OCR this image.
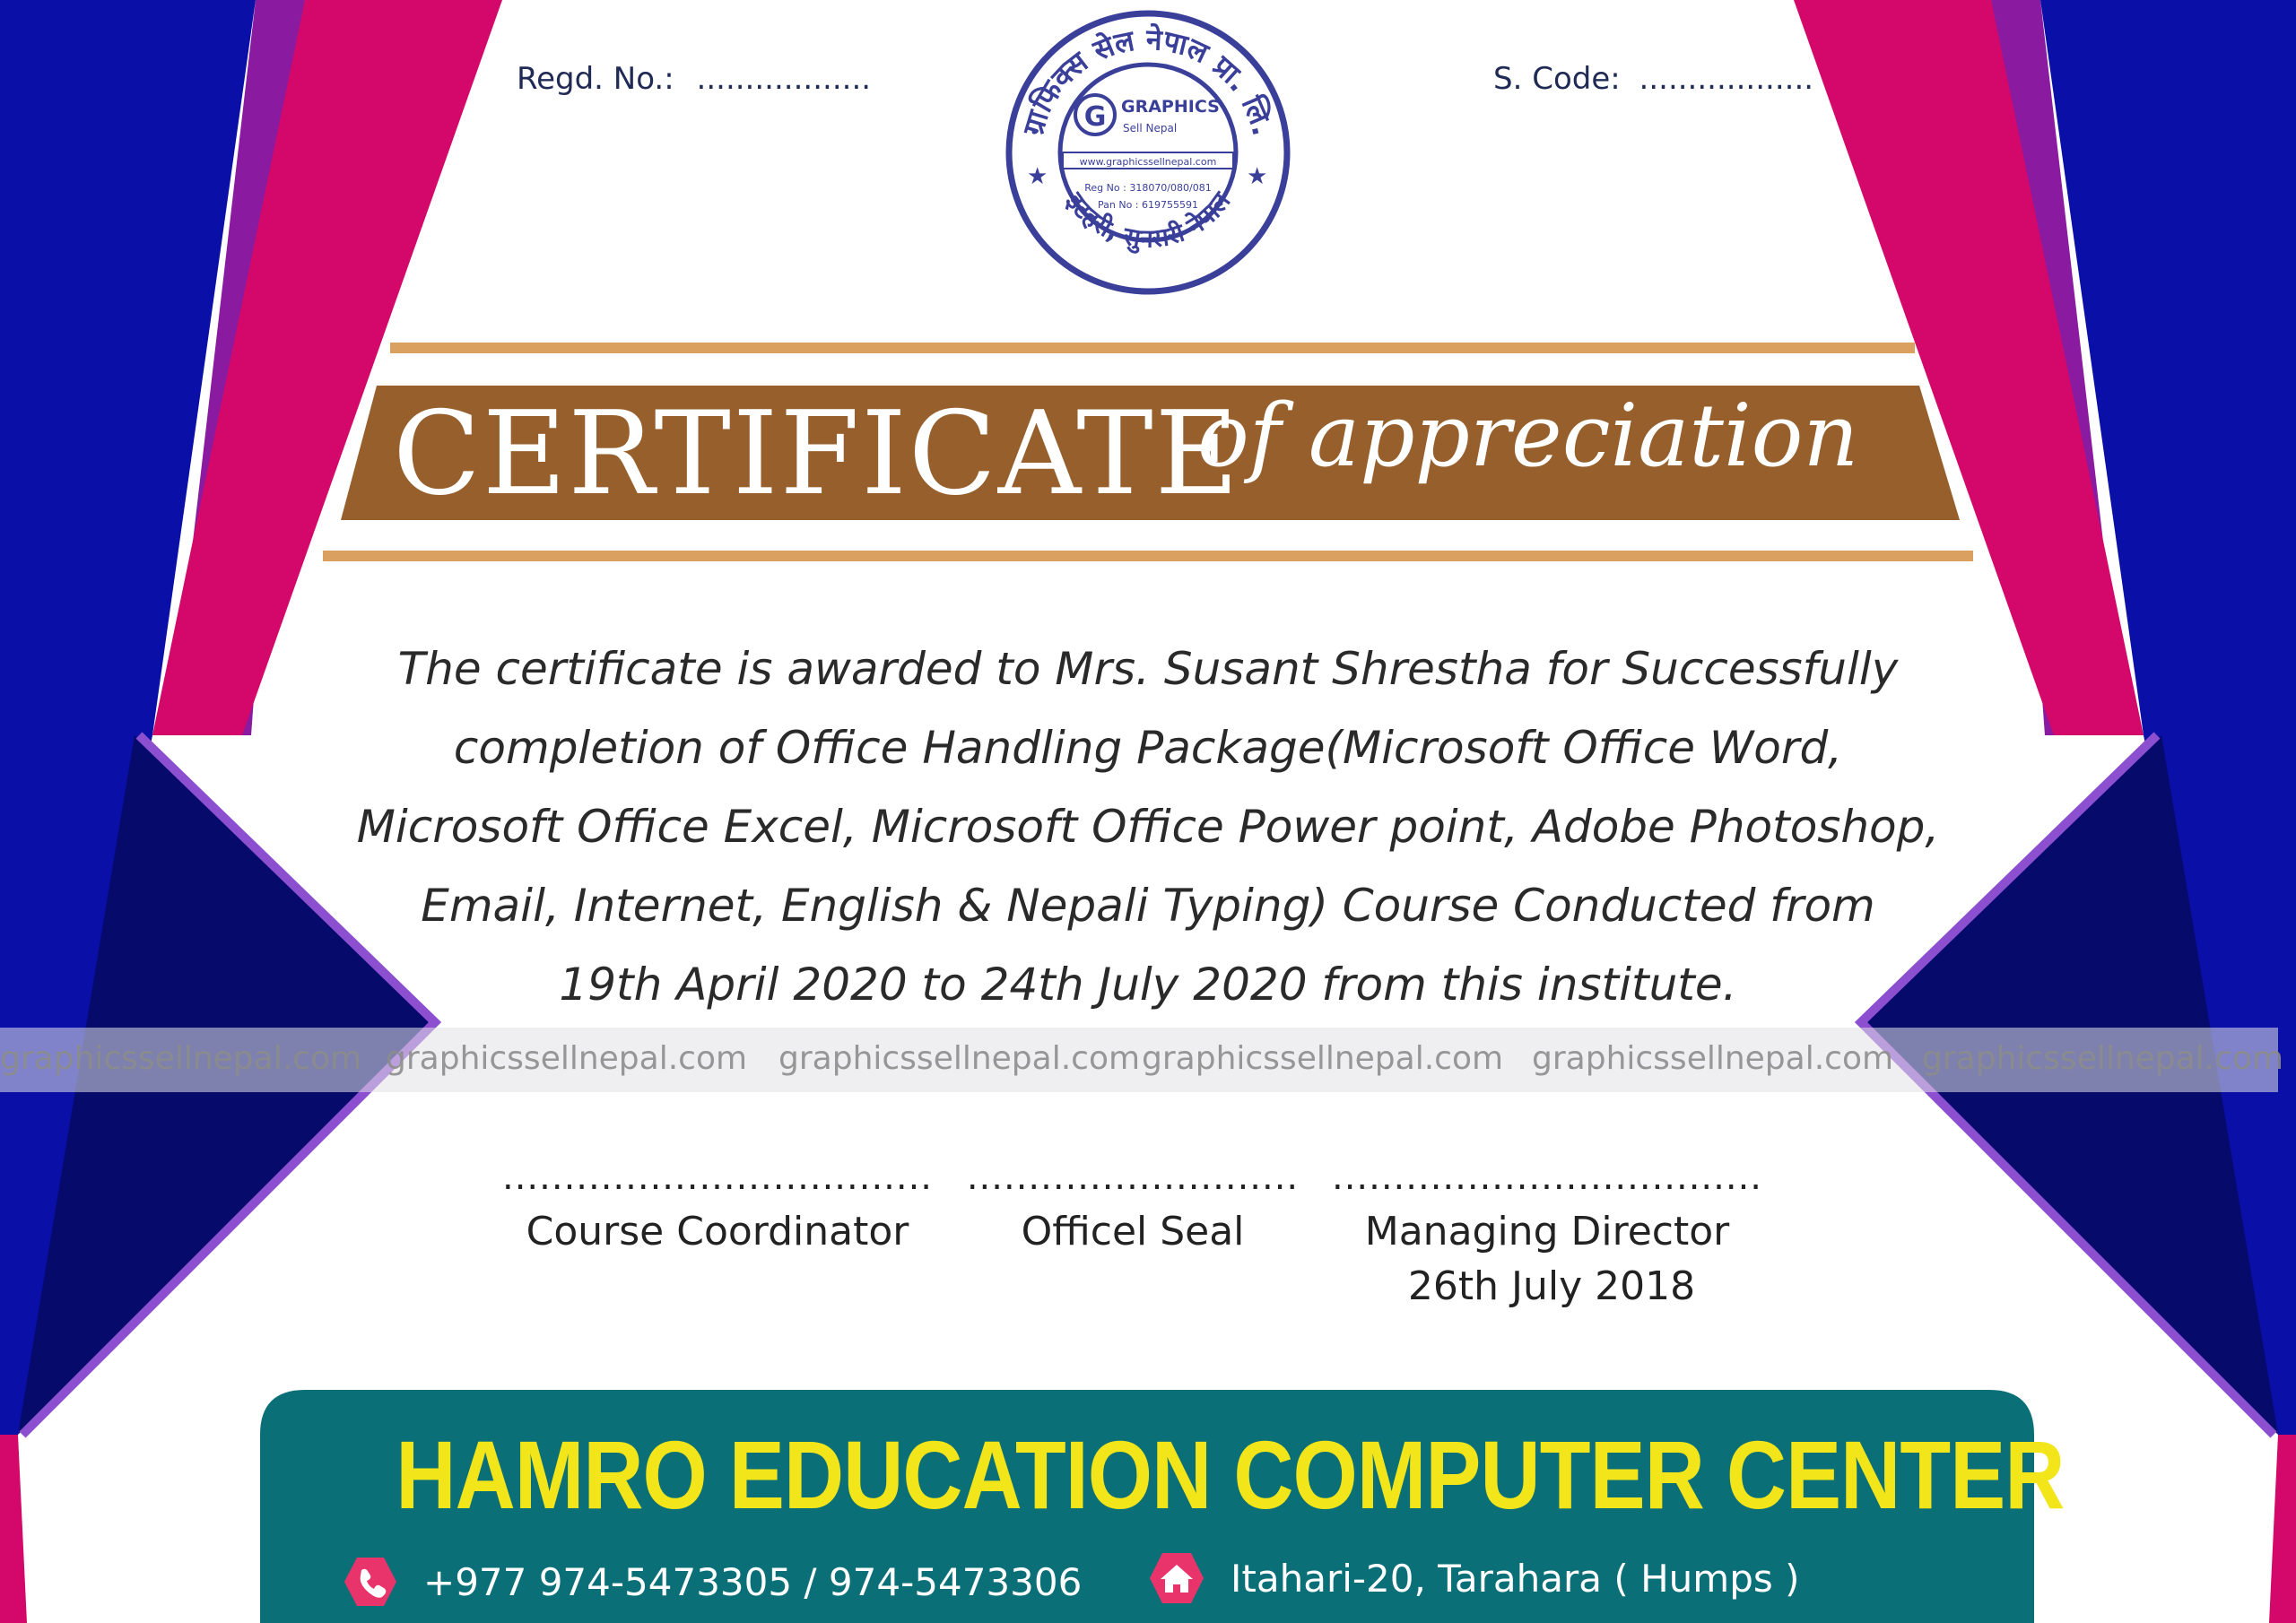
Regd. No.: ..................	S. Code: ..................
ग्राफिक्स सेल नेपाल प्रा. लि.
इटहरी, सुनसरी नेपाल
★	★
G GRAPHICS
Sell Nepal
www.graphicssellnepal.com
Reg No : 318070/080/081
Pan No : 619755591
CERTIFICATE
of appreciation
The certificate is awarded to Mrs. Susant Shrestha for Successfully
completion of Office Handling Package(Microsoft Office Word,
Microsoft Office Excel, Microsoft Office Power point, Adobe Photoshop,
Email, Internet, English & Nepali Typing) Course Conducted from
19th April 2020 to 24th July 2020 from this institute.
graphicssellnepal.com graphicssellnepal.com graphicssellnepal.com graphicssellnepal.com graphicssellnepal.com graphicssellnepal.com
...................................
Course Coordinator
...........................
Officel Seal
...................................
Managing Director
26th July 2018
HAMRO EDUCATION COMPUTER CENTER
+977 974-5473305 / 974-5473306	Itahari-20, Tarahara ( Humps )
